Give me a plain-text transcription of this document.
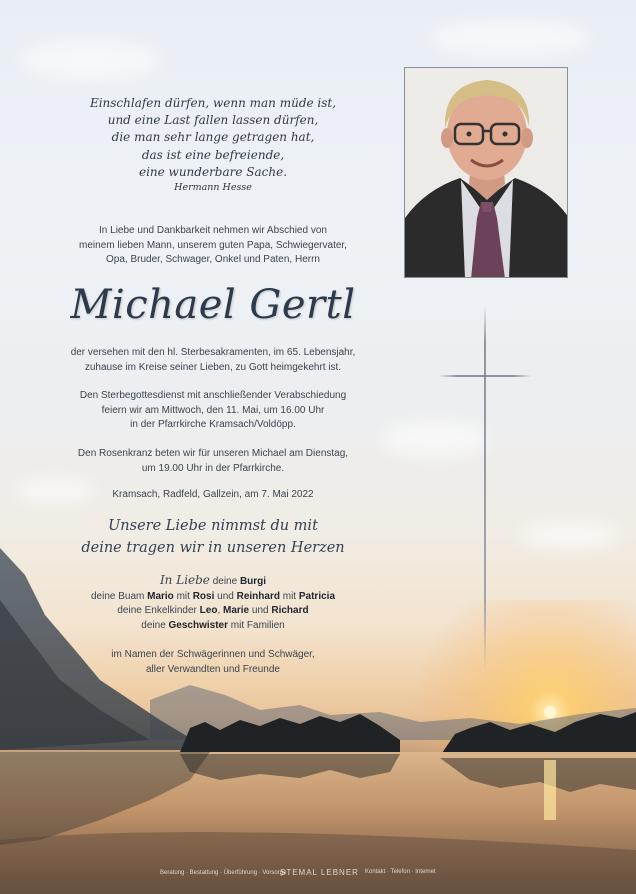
Einschlafen dürfen, wenn man müde ist,
und eine Last fallen lassen dürfen,
die man sehr lange getragen hat,
das ist eine befreiende,
eine wunderbare Sache.
Hermann Hesse
In Liebe und Dankbarkeit nehmen wir Abschied von
meinem lieben Mann, unserem guten Papa, Schwiegervater,
Opa, Bruder, Schwager, Onkel und Paten, Herrn
Michael Gertl
der versehen mit den hl. Sterbesakramenten, im 65. Lebensjahr,
zuhause im Kreise seiner Lieben, zu Gott heimgekehrt ist.
Den Sterbegottesdienst mit anschließender Verabschiedung
feiern wir am Mittwoch, den 11. Mai, um 16.00 Uhr
in der Pfarrkirche Kramsach/Voldöpp.
Den Rosenkranz beten wir für unseren Michael am Dienstag,
um 19.00 Uhr in der Pfarrkirche.
Kramsach, Radfeld, Gallzein, am 7. Mai 2022
Unsere Liebe nimmst du mit
deine tragen wir in unseren Herzen
In Liebe deine Burgi
deine Buam Mario mit Rosi und Reinhard mit Patricia
deine Enkelkinder Leo, Marie und Richard
deine Geschwister mit Familien
im Namen der Schwägerinnen und Schwäger,
aller Verwandten und Freunde
Beratung · Bestattung · Überführung · Vorsorge
STEMAL LEBNER Kontakt · Telefon · Internet
